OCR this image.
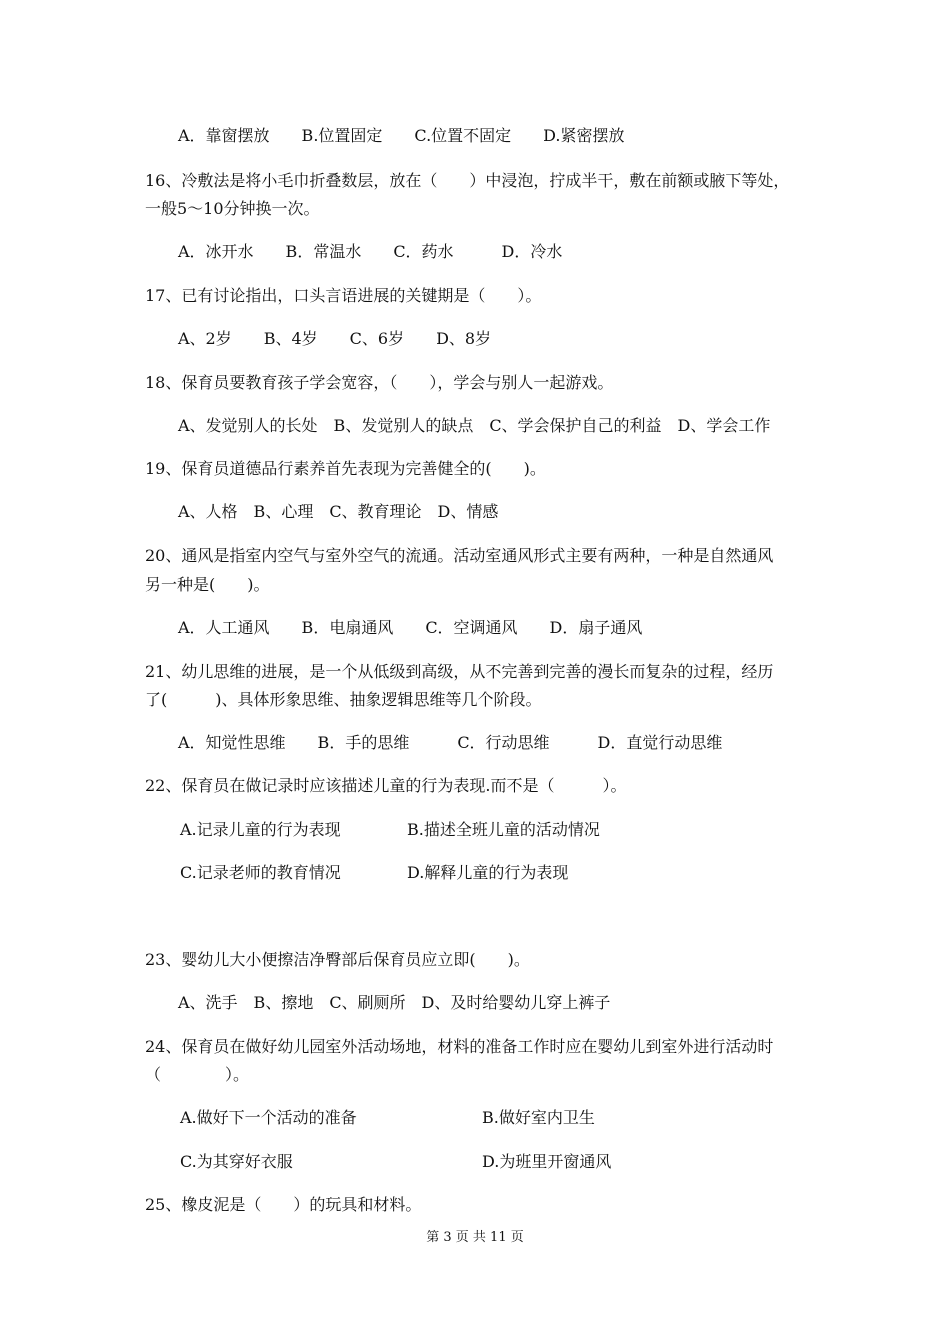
A．靠窗摆放　　B.位置固定　　C.位置不固定　　D.紧密摆放
16、冷敷法是将小毛巾折叠数层，放在（　　）中浸泡，拧成半干，敷在前额或腋下等处，
一般5～10分钟换一次。
A．冰开水　　B．常温水　　C．药水　　　D．冷水
17、已有讨论指出，口头言语进展的关键期是（　　）。
A、2岁　　B、4岁　　C、6岁　　D、8岁
18、保育员要教育孩子学会宽容，（　　），学会与别人一起游戏。
A、发觉别人的长处　B、发觉别人的缺点　C、学会保护自己的利益　D、学会工作
19、保育员道德品行素养首先表现为完善健全的(　　)。
A、人格　B、心理　C、教育理论　D、情感
20、通风是指室内空气与室外空气的流通。活动室通风形式主要有两种，一种是自然通风
另一种是(　　)。
A．人工通风　　B．电扇通风　　C．空调通风　　D．扇子通风
21、幼儿思维的进展，是一个从低级到高级，从不完善到完善的漫长而复杂的过程，经历
了(　　　)、具体形象思维、抽象逻辑思维等几个阶段。
A．知觉性思维　　B．手的思维　　　C．行动思维　　　D．直觉行动思维
22、保育员在做记录时应该描述儿童的行为表现.而不是（　　　）。
A.记录儿童的行为表现	B.描述全班儿童的活动情况
C.记录老师的教育情况	D.解释儿童的行为表现
23、婴幼儿大小便擦洁净臀部后保育员应立即(　　)。
A、洗手　B、擦地　C、刷厕所　D、及时给婴幼儿穿上裤子
24、保育员在做好幼儿园室外活动场地，材料的准备工作时应在婴幼儿到室外进行活动时
（　　　　）。
A.做好下一个活动的准备	B.做好室内卫生
C.为其穿好衣服	D.为班里开窗通风
25、橡皮泥是（　　）的玩具和材料。
第 3 页 共 11 页
